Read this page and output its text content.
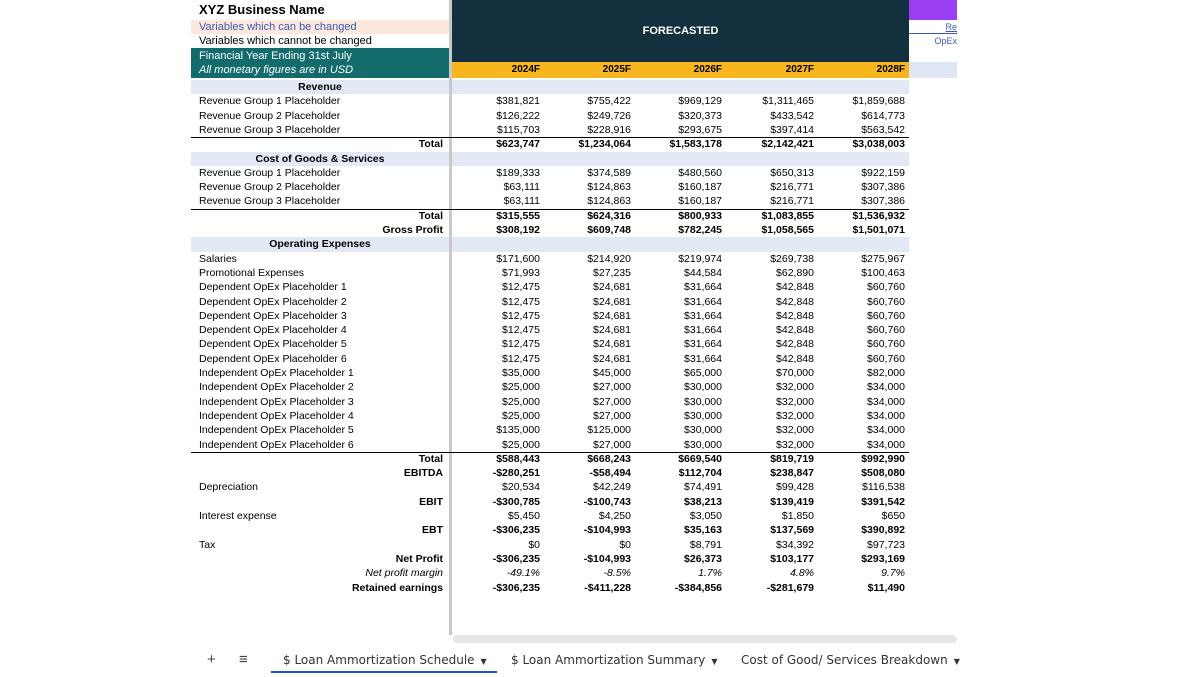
XYZ Business Name
Variables which can be changed
Variables which cannot be changed
Financial Year Ending 31st July
All monetary figures are in USD
FORECASTED
2024F	2025F	2026F	2027F	2028F
Re
OpEx
Revenue
Revenue Group 1 Placeholder	$381,821	$755,422	$969,129	$1,311,465	$1,859,688
Revenue Group 2 Placeholder	$126,222	$249,726	$320,373	$433,542	$614,773
Revenue Group 3 Placeholder	$115,703	$228,916	$293,675	$397,414	$563,542
Total	$623,747	$1,234,064	$1,583,178	$2,142,421	$3,038,003
Cost of Goods & Services
Revenue Group 1 Placeholder	$189,333	$374,589	$480,560	$650,313	$922,159
Revenue Group 2 Placeholder	$63,111	$124,863	$160,187	$216,771	$307,386
Revenue Group 3 Placeholder	$63,111	$124,863	$160,187	$216,771	$307,386
Total	$315,555	$624,316	$800,933	$1,083,855	$1,536,932
Gross Profit	$308,192	$609,748	$782,245	$1,058,565	$1,501,071
Operating Expenses
Salaries	$171,600	$214,920	$219,974	$269,738	$275,967
Promotional Expenses	$71,993	$27,235	$44,584	$62,890	$100,463
Dependent OpEx Placeholder 1	$12,475	$24,681	$31,664	$42,848	$60,760
Dependent OpEx Placeholder 2	$12,475	$24,681	$31,664	$42,848	$60,760
Dependent OpEx Placeholder 3	$12,475	$24,681	$31,664	$42,848	$60,760
Dependent OpEx Placeholder 4	$12,475	$24,681	$31,664	$42,848	$60,760
Dependent OpEx Placeholder 5	$12,475	$24,681	$31,664	$42,848	$60,760
Dependent OpEx Placeholder 6	$12,475	$24,681	$31,664	$42,848	$60,760
Independent OpEx Placeholder 1	$35,000	$45,000	$65,000	$70,000	$82,000
Independent OpEx Placeholder 2	$25,000	$27,000	$30,000	$32,000	$34,000
Independent OpEx Placeholder 3	$25,000	$27,000	$30,000	$32,000	$34,000
Independent OpEx Placeholder 4	$25,000	$27,000	$30,000	$32,000	$34,000
Independent OpEx Placeholder 5	$135,000	$125,000	$30,000	$32,000	$34,000
Independent OpEx Placeholder 6	$25,000	$27,000	$30,000	$32,000	$34,000
Total	$588,443	$668,243	$669,540	$819,719	$992,990
EBITDA	-$280,251	-$58,494	$112,704	$238,847	$508,080
Depreciation	$20,534	$42,249	$74,491	$99,428	$116,538
EBIT	-$300,785	-$100,743	$38,213	$139,419	$391,542
Interest expense	$5,450	$4,250	$3,050	$1,850	$650
EBT	-$306,235	-$104,993	$35,163	$137,569	$390,892
Tax	$0	$0	$8,791	$34,392	$97,723
Net Profit	-$306,235	-$104,993	$26,373	$103,177	$293,169
Net profit margin	-49.1%	-8.5%	1.7%	4.8%	9.7%
Retained earnings	-$306,235	-$411,228	-$384,856	-$281,679	$11,490
+ ≡	$ Loan Ammortization Schedule ▼	$ Loan Ammortization Summary ▼ Cost of Good/ Services Breakdown ▼
